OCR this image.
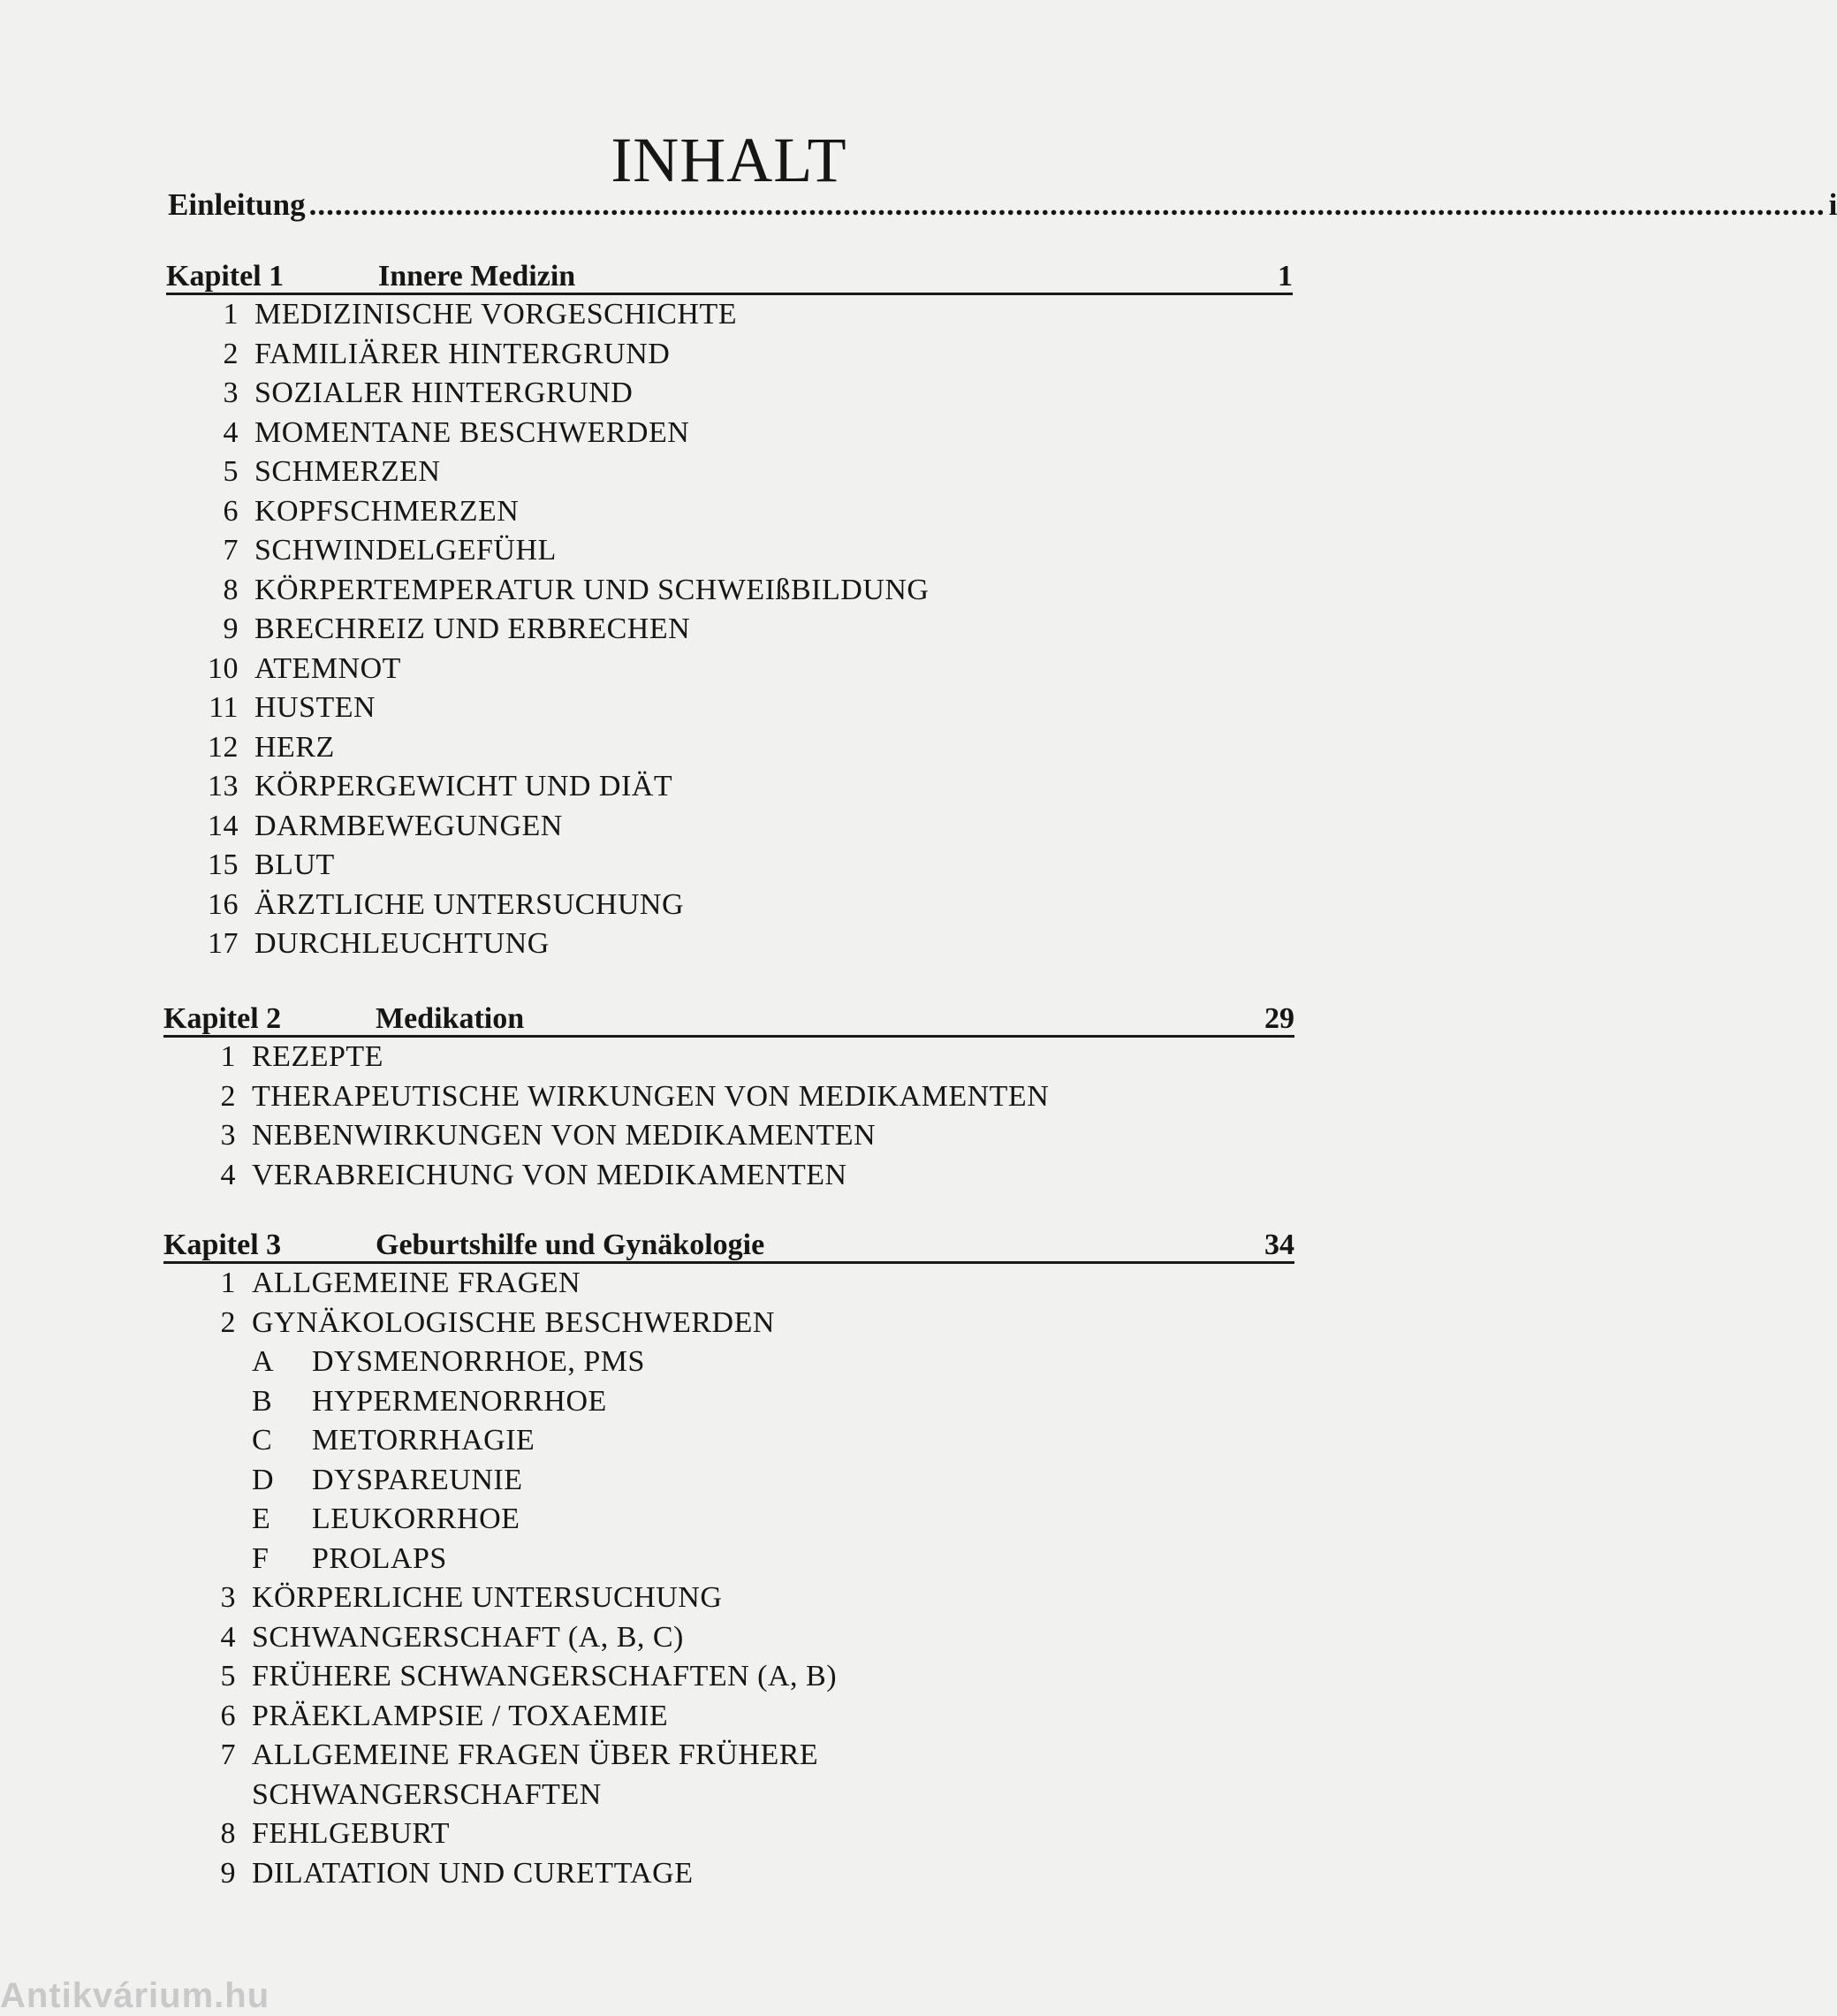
INHALT
Einleitung ................................................................................................................................................................................ i
Kapitel 1	Innere Medizin	1
1 MEDIZINISCHE VORGESCHICHTE
2 FAMILIÄRER HINTERGRUND
3 SOZIALER HINTERGRUND
4 MOMENTANE BESCHWERDEN
5 SCHMERZEN
6 KOPFSCHMERZEN
7 SCHWINDELGEFÜHL
8 KÖRPERTEMPERATUR UND SCHWEIßBILDUNG
9 BRECHREIZ UND ERBRECHEN
10 ATEMNOT
11 HUSTEN
12 HERZ
13 KÖRPERGEWICHT UND DIÄT
14 DARMBEWEGUNGEN
15 BLUT
16 ÄRZTLICHE UNTERSUCHUNG
17 DURCHLEUCHTUNG
Kapitel 2	Medikation	29
1 REZEPTE
2 THERAPEUTISCHE WIRKUNGEN VON MEDIKAMENTEN
3 NEBENWIRKUNGEN VON MEDIKAMENTEN
4 VERABREICHUNG VON MEDIKAMENTEN
Kapitel 3	Geburtshilfe und Gynäkologie	34
1 ALLGEMEINE FRAGEN
2 GYNÄKOLOGISCHE BESCHWERDEN
A	DYSMENORRHOE, PMS
B	HYPERMENORRHOE
C	METORRHAGIE
D	DYSPAREUNIE
E	LEUKORRHOE
F	PROLAPS
3 KÖRPERLICHE UNTERSUCHUNG
4 SCHWANGERSCHAFT (A, B, C)
5 FRÜHERE SCHWANGERSCHAFTEN (A, B)
6 PRÄEKLAMPSIE / TOXAEMIE
7 ALLGEMEINE FRAGEN ÜBER FRÜHERE
SCHWANGERSCHAFTEN
8 FEHLGEBURT
9 DILATATION UND CURETTAGE
Antikvárium.hu
